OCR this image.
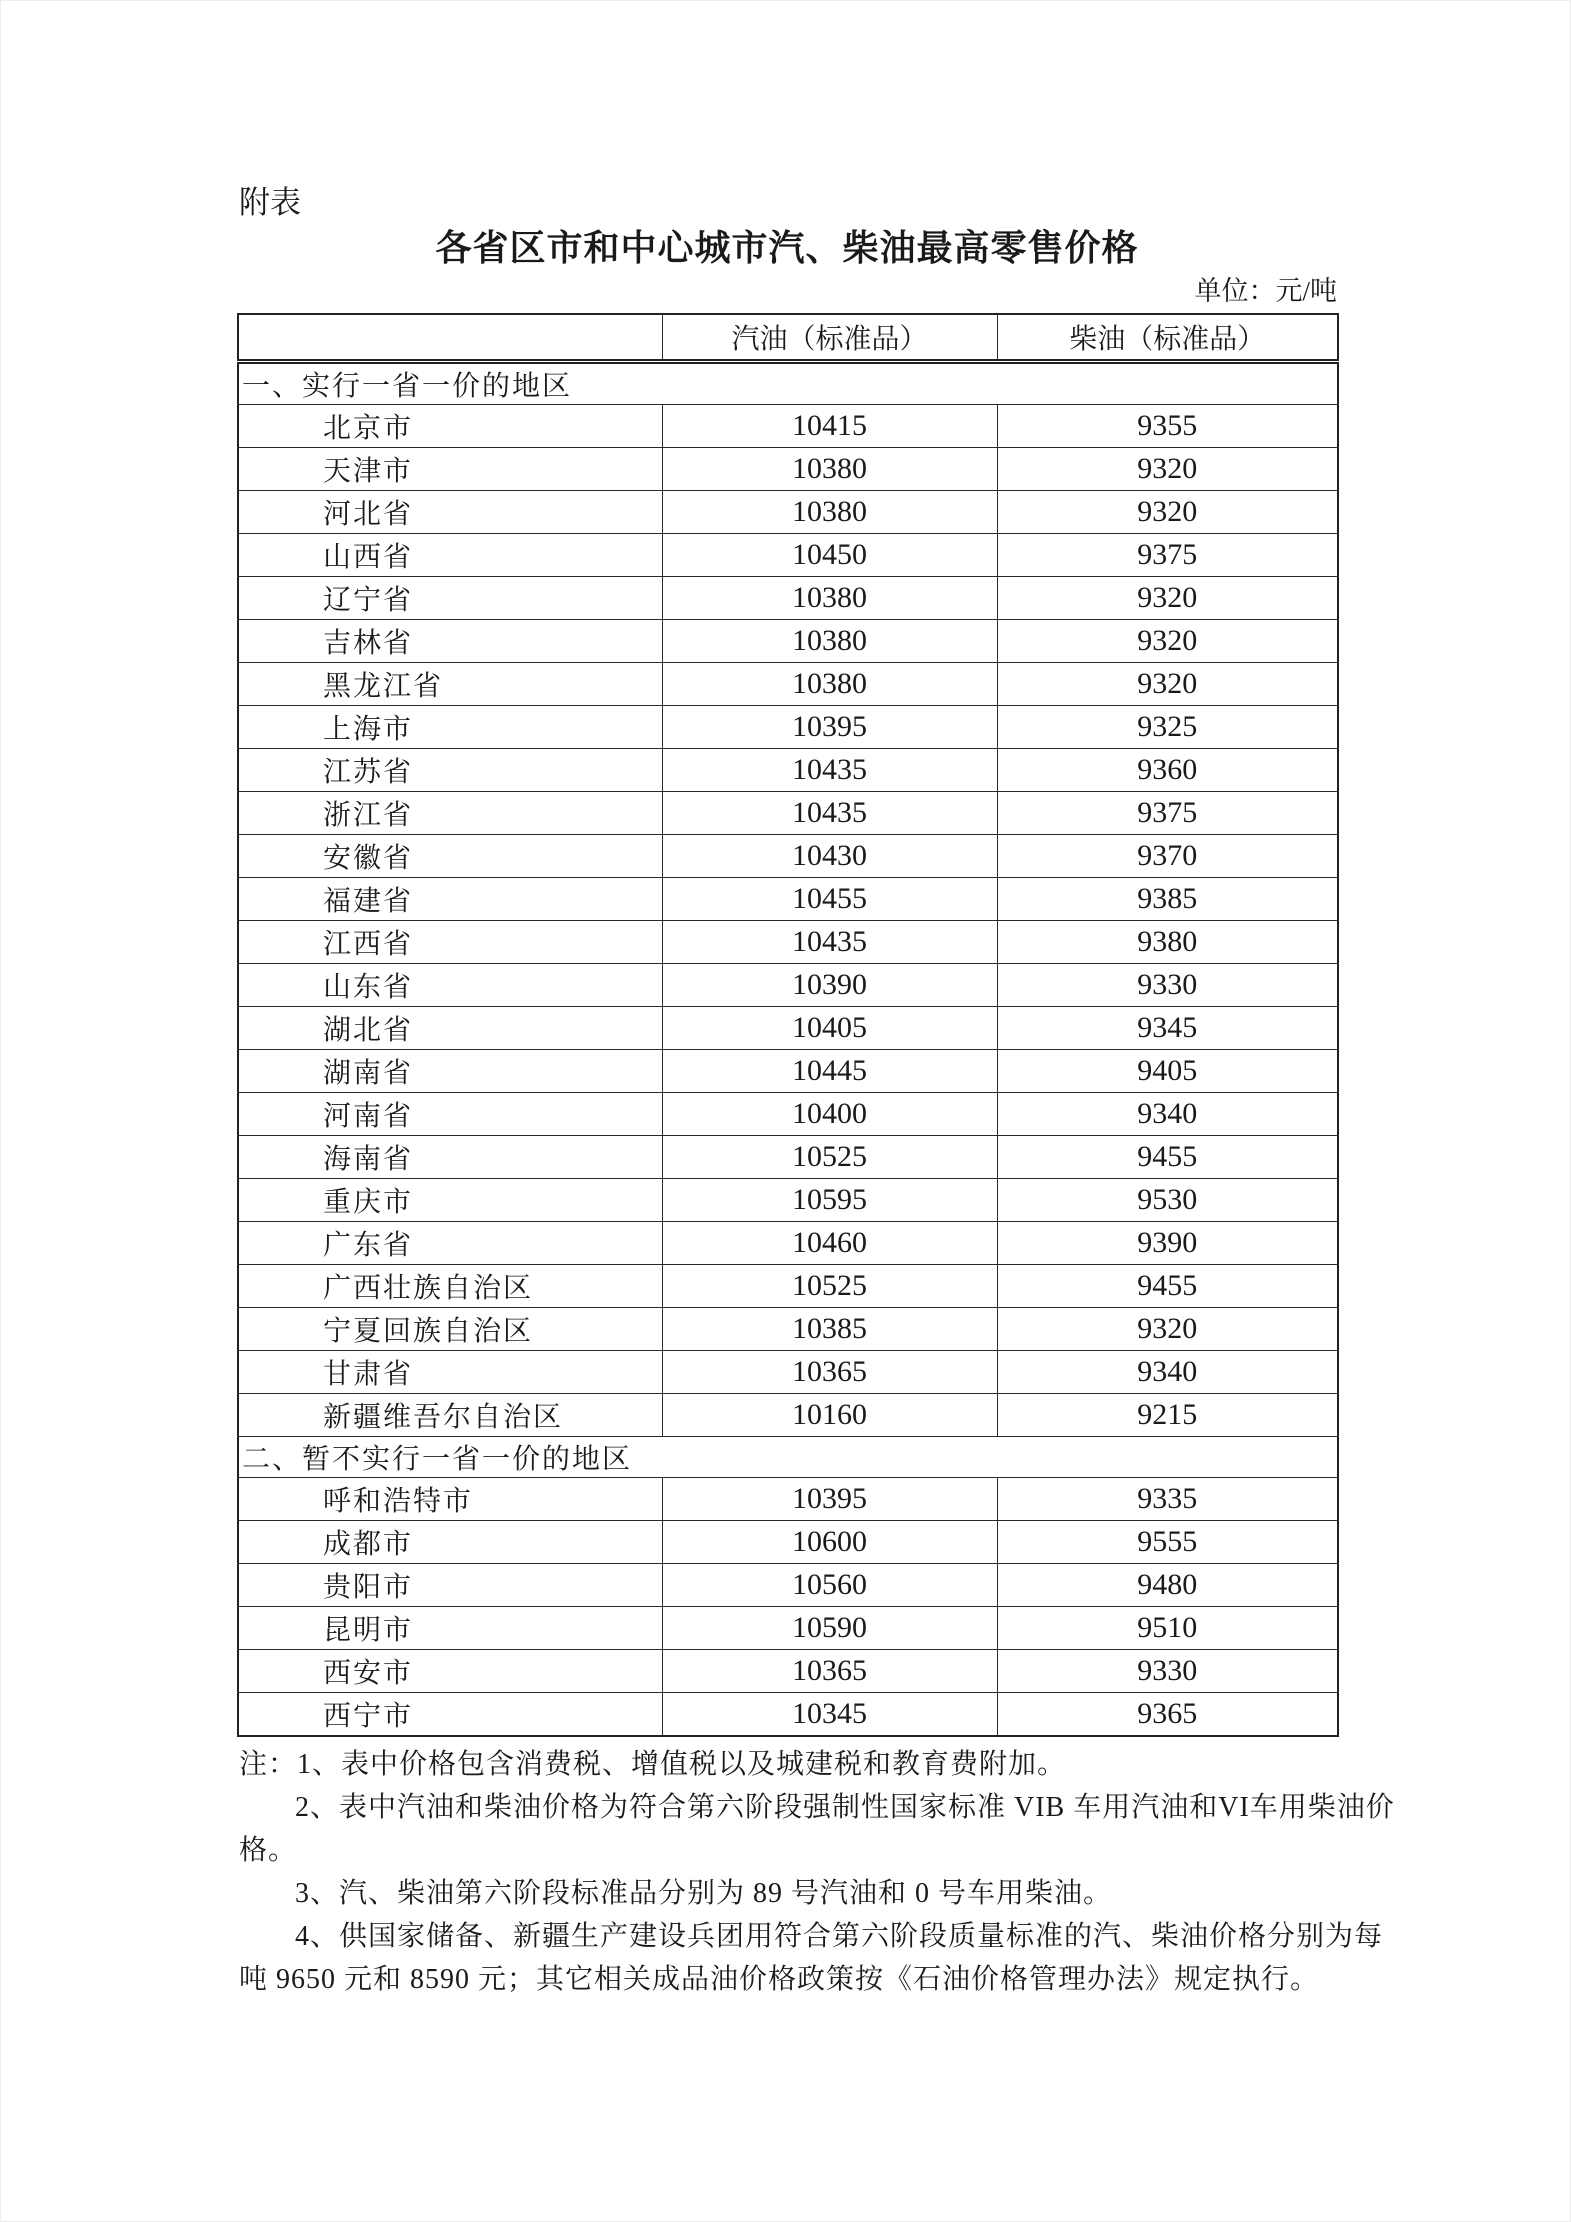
附表
各省区市和中心城市汽、柴油最高零售价格
单位：元/吨
	汽油（标准品）	柴油（标准品）
一、实行一省一价的地区		
北京市	10415	9355
天津市	10380	9320
河北省	10380	9320
山西省	10450	9375
辽宁省	10380	9320
吉林省	10380	9320
黑龙江省	10380	9320
上海市	10395	9325
江苏省	10435	9360
浙江省	10435	9375
安徽省	10430	9370
福建省	10455	9385
江西省	10435	9380
山东省	10390	9330
湖北省	10405	9345
湖南省	10445	9405
河南省	10400	9340
海南省	10525	9455
重庆市	10595	9530
广东省	10460	9390
广西壮族自治区	10525	9455
宁夏回族自治区	10385	9320
甘肃省	10365	9340
新疆维吾尔自治区	10160	9215
二、暂不实行一省一价的地区		
呼和浩特市	10395	9335
成都市	10600	9555
贵阳市	10560	9480
昆明市	10590	9510
西安市	10365	9330
西宁市	10345	9365

注：1、表中价格包含消费税、增值税以及城建税和教育费附加。

2、表中汽油和柴油价格为符合第六阶段强制性国家标准 VIB 车用汽油和VI车用柴油价

格。

3、汽、柴油第六阶段标准品分别为 89 号汽油和 0 号车用柴油。

4、供国家储备、新疆生产建设兵团用符合第六阶段质量标准的汽、柴油价格分别为每

吨 9650 元和 8590 元；其它相关成品油价格政策按《石油价格管理办法》规定执行。
